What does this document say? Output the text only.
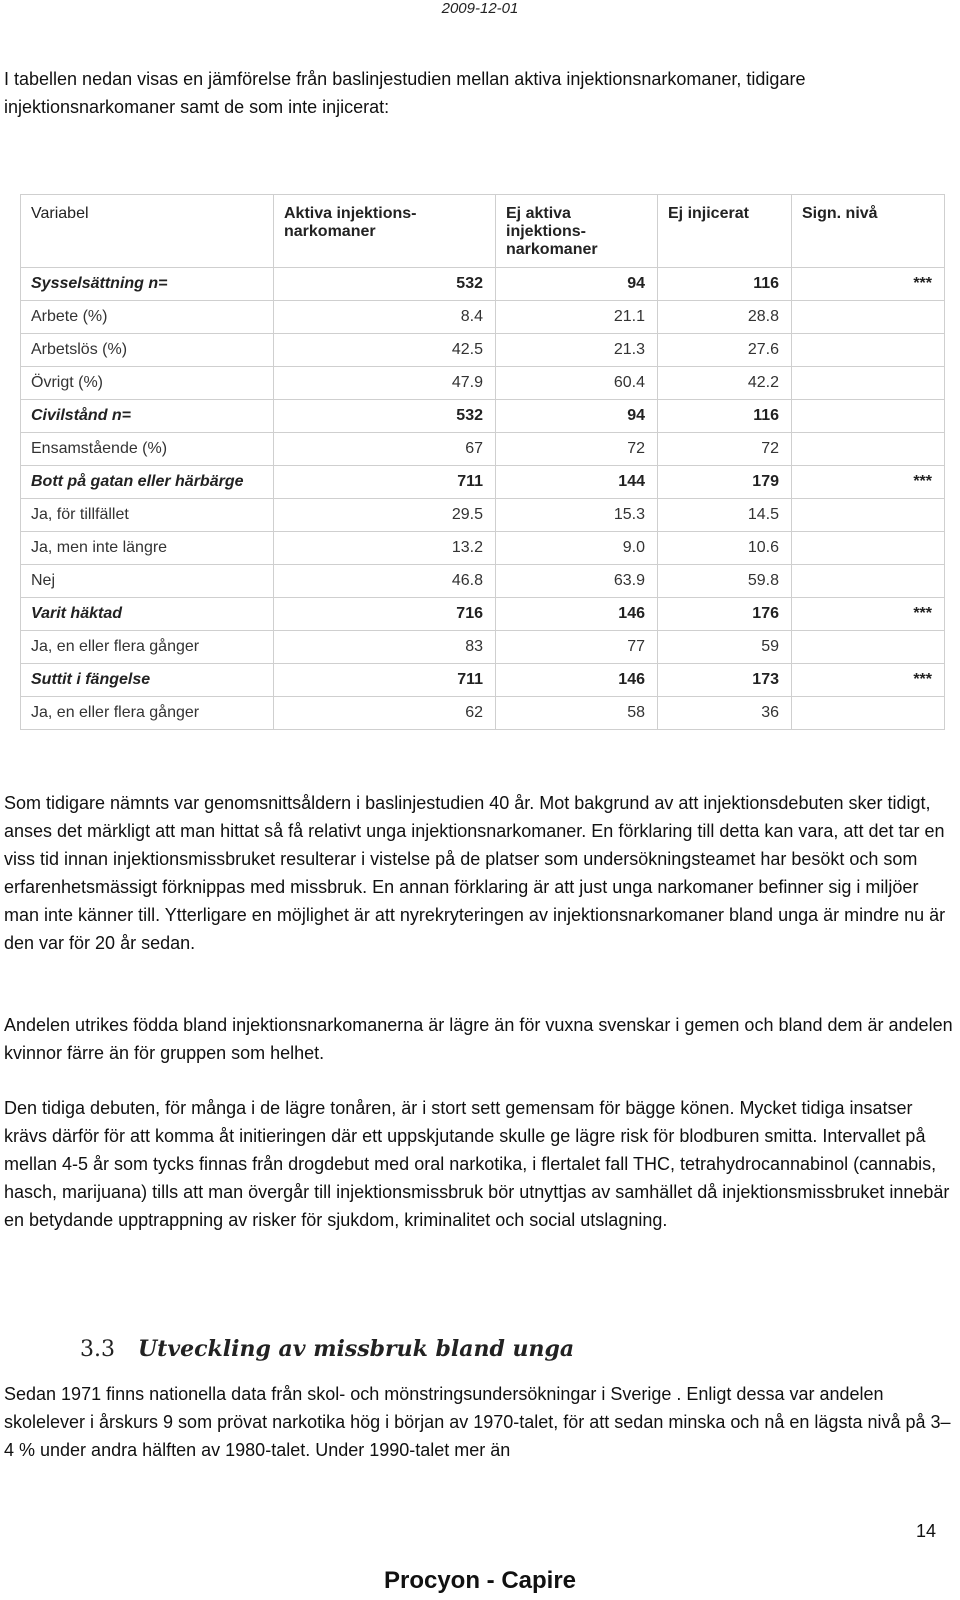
2009-12-01

I tabellen nedan visas en jämförelse från baslinjestudien mellan aktiva injektionsnarkomaner, tidigare injektionsnarkomaner samt de som inte injicerat:

Variabel	Aktiva injektions-narkomaner	Ej aktiva injektions-narkomaner	Ej injicerat	Sign. nivå
Sysselsättning n=	532	94	116	***
Arbete (%)	8.4	21.1	28.8	
Arbetslös (%)	42.5	21.3	27.6	
Övrigt (%)	47.9	60.4	42.2	
Civilstånd n=	532	94	116	
Ensamstående (%)	67	72	72	
Bott på gatan eller härbärge	711	144	179	***
Ja, för tillfället	29.5	15.3	14.5	
Ja, men inte längre	13.2	9.0	10.6	
Nej	46.8	63.9	59.8	
Varit häktad	716	146	176	***
Ja, en eller flera gånger	83	77	59	
Suttit i fängelse	711	146	173	***
Ja, en eller flera gånger	62	58	36	

Som tidigare nämnts var genomsnittsåldern i baslinjestudien 40 år. Mot bakgrund av att injektionsdebuten sker tidigt, anses det märkligt att man hittat så få relativt unga injektionsnarkomaner. En förklaring till detta kan vara, att det tar en viss tid innan injektionsmissbruket resulterar i vistelse på de platser som undersökningsteamet har besökt och som erfarenhetsmässigt förknippas med missbruk. En annan förklaring är att just unga narkomaner befinner sig i miljöer man inte känner till. Ytterligare en möjlighet är att nyrekryteringen av injektionsnarkomaner bland unga är mindre nu är den var för 20 år sedan.

Andelen utrikes födda bland injektionsnarkomanerna är lägre än för vuxna svenskar i gemen och bland dem är andelen kvinnor färre än för gruppen som helhet.

Den tidiga debuten, för många i de lägre tonåren, är i stort sett gemensam för bägge könen. Mycket tidiga insatser krävs därför för att komma åt initieringen där ett uppskjutande skulle ge lägre risk för blodburen smitta. Intervallet på mellan 4-5 år som tycks finnas från drogdebut med oral narkotika, i flertalet fall THC, tetrahydrocannabinol (cannabis, hasch, marijuana) tills att man övergår till injektionsmissbruk bör utnyttjas av samhället då injektionsmissbruket innebär en betydande upptrappning av risker för sjukdom, kriminalitet och social utslagning.

3.3 Utveckling av missbruk bland unga

Sedan 1971 finns nationella data från skol- och mönstringsundersökningar i Sverige . Enligt dessa var andelen skolelever i årskurs 9 som prövat narkotika hög i början av 1970-talet, för att sedan minska och nå en lägsta nivå på 3–4 % under andra hälften av 1980-talet. Under 1990-talet mer än

14
Procyon - Capire
